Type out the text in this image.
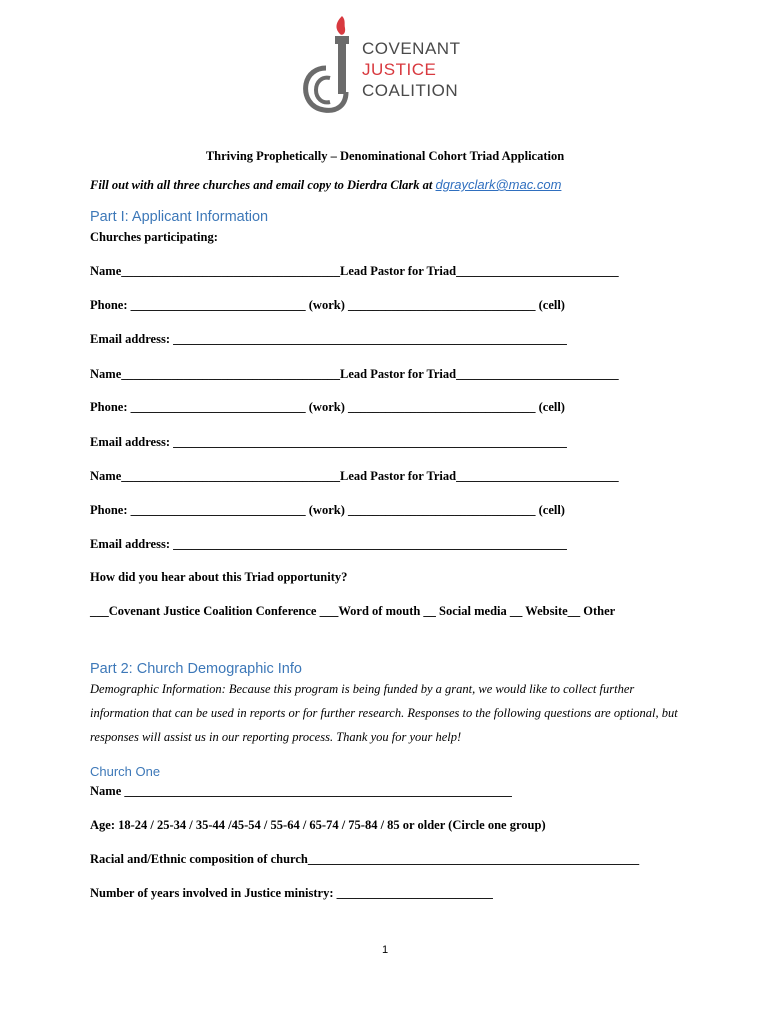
COVENANT
JUSTICE
COALITION
Thriving Prophetically – Denominational Cohort Triad Application
Fill out with all three churches and email copy to Dierdra Clark at dgrayclark@mac.com
Part I: Applicant Information
Churches participating:
Name___________________________________Lead Pastor for Triad__________________________
Phone: ____________________________ (work) ______________________________ (cell)
Email address: _______________________________________________________________
Name___________________________________Lead Pastor for Triad__________________________
Phone: ____________________________ (work) ______________________________ (cell)
Email address: _______________________________________________________________
Name___________________________________Lead Pastor for Triad__________________________
Phone: ____________________________ (work) ______________________________ (cell)
Email address: _______________________________________________________________
How did you hear about this Triad opportunity?
___Covenant Justice Coalition Conference ___Word of mouth __ Social media __ Website__ Other
Part 2: Church Demographic Info
Demographic Information: Because this program is being funded by a grant, we would like to collect further information that can be used in reports or for further research. Responses to the following questions are optional, but responses will assist us in our reporting process. Thank you for your help!
Church One
Name ______________________________________________________________
Age: 18-24 / 25-34 / 35-44 /45-54 / 55-64 / 65-74 / 75-84 / 85 or older (Circle one group)
Racial and/Ethnic composition of church_____________________________________________________
Number of years involved in Justice ministry: _________________________
1
